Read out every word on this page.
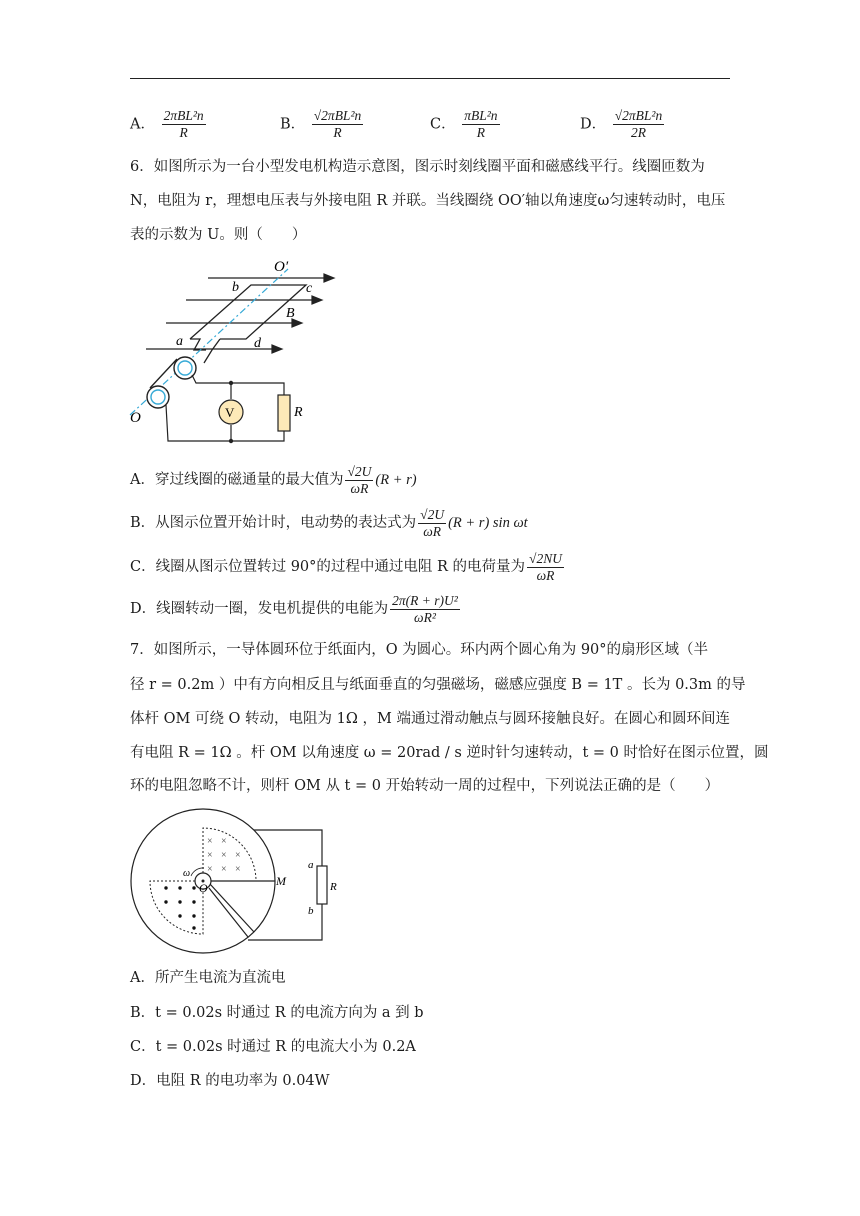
A． $\frac{\text{2πBL²n}}{R}$	B． $\frac{\text{√2πBL²n}}{R}$	C． $\frac{\text{πBL²n}}{R}$	D． $\frac{\text{√2πBL²n}}{2R}$
6．如图所示为一台小型发电机构造示意图，图示时刻线圈平面和磁感线平行。线圈匝数为
N，电阻为 r，理想电压表与外接电阻 R 并联。当线圈绕 OO′轴以角速度ω匀速转动时，电压
表的示数为 U。则（　　）
O′
b	c
B
a	d
O	V	R
A．穿过线圈的磁通量的最大值为 $\frac{√2U}{\omega R} (R + r)$
B．从图示位置开始计时，电动势的表达式为 $\frac{√2U}{\omega R} (R + r)$ sin ωt
C．线圈从图示位置转过 90°的过程中通过电阻 R 的电荷量为 $\frac{√2NU}{\omega R}$
D．线圈转动一圈，发电机提供的电能为 $\frac{\text{2π(R + r)U²}}{\text{ωR²}}$
7．如图所示，一导体圆环位于纸面内，O 为圆心。环内两个圆心角为 90°的扇形区域（半
径 r = 0.2m ）中有方向相反且与纸面垂直的匀强磁场，磁感应强度 B = 1T 。长为 0.3m 的导
体杆 OM 可绕 O 转动，电阻为 1Ω ，M 端通过滑动触点与圆环接触良好。在圆心和圆环间连
有电阻 R = 1Ω 。杆 OM 以角速度 ω = 20rad / s 逆时针匀速转动，t = 0 时恰好在图示位置，圆
环的电阻忽略不计，则杆 OM 从 t = 0 开始转动一周的过程中，下列说法正确的是（　　）
×
×
×
×
× ×
×
×
ω
O	M
a
b
R
A．所产生电流为直流电
B．t = 0.02s 时通过 R 的电流方向为 a 到 b
C．t = 0.02s 时通过 R 的电流大小为 0.2A
D．电阻 R 的电功率为 0.04W
